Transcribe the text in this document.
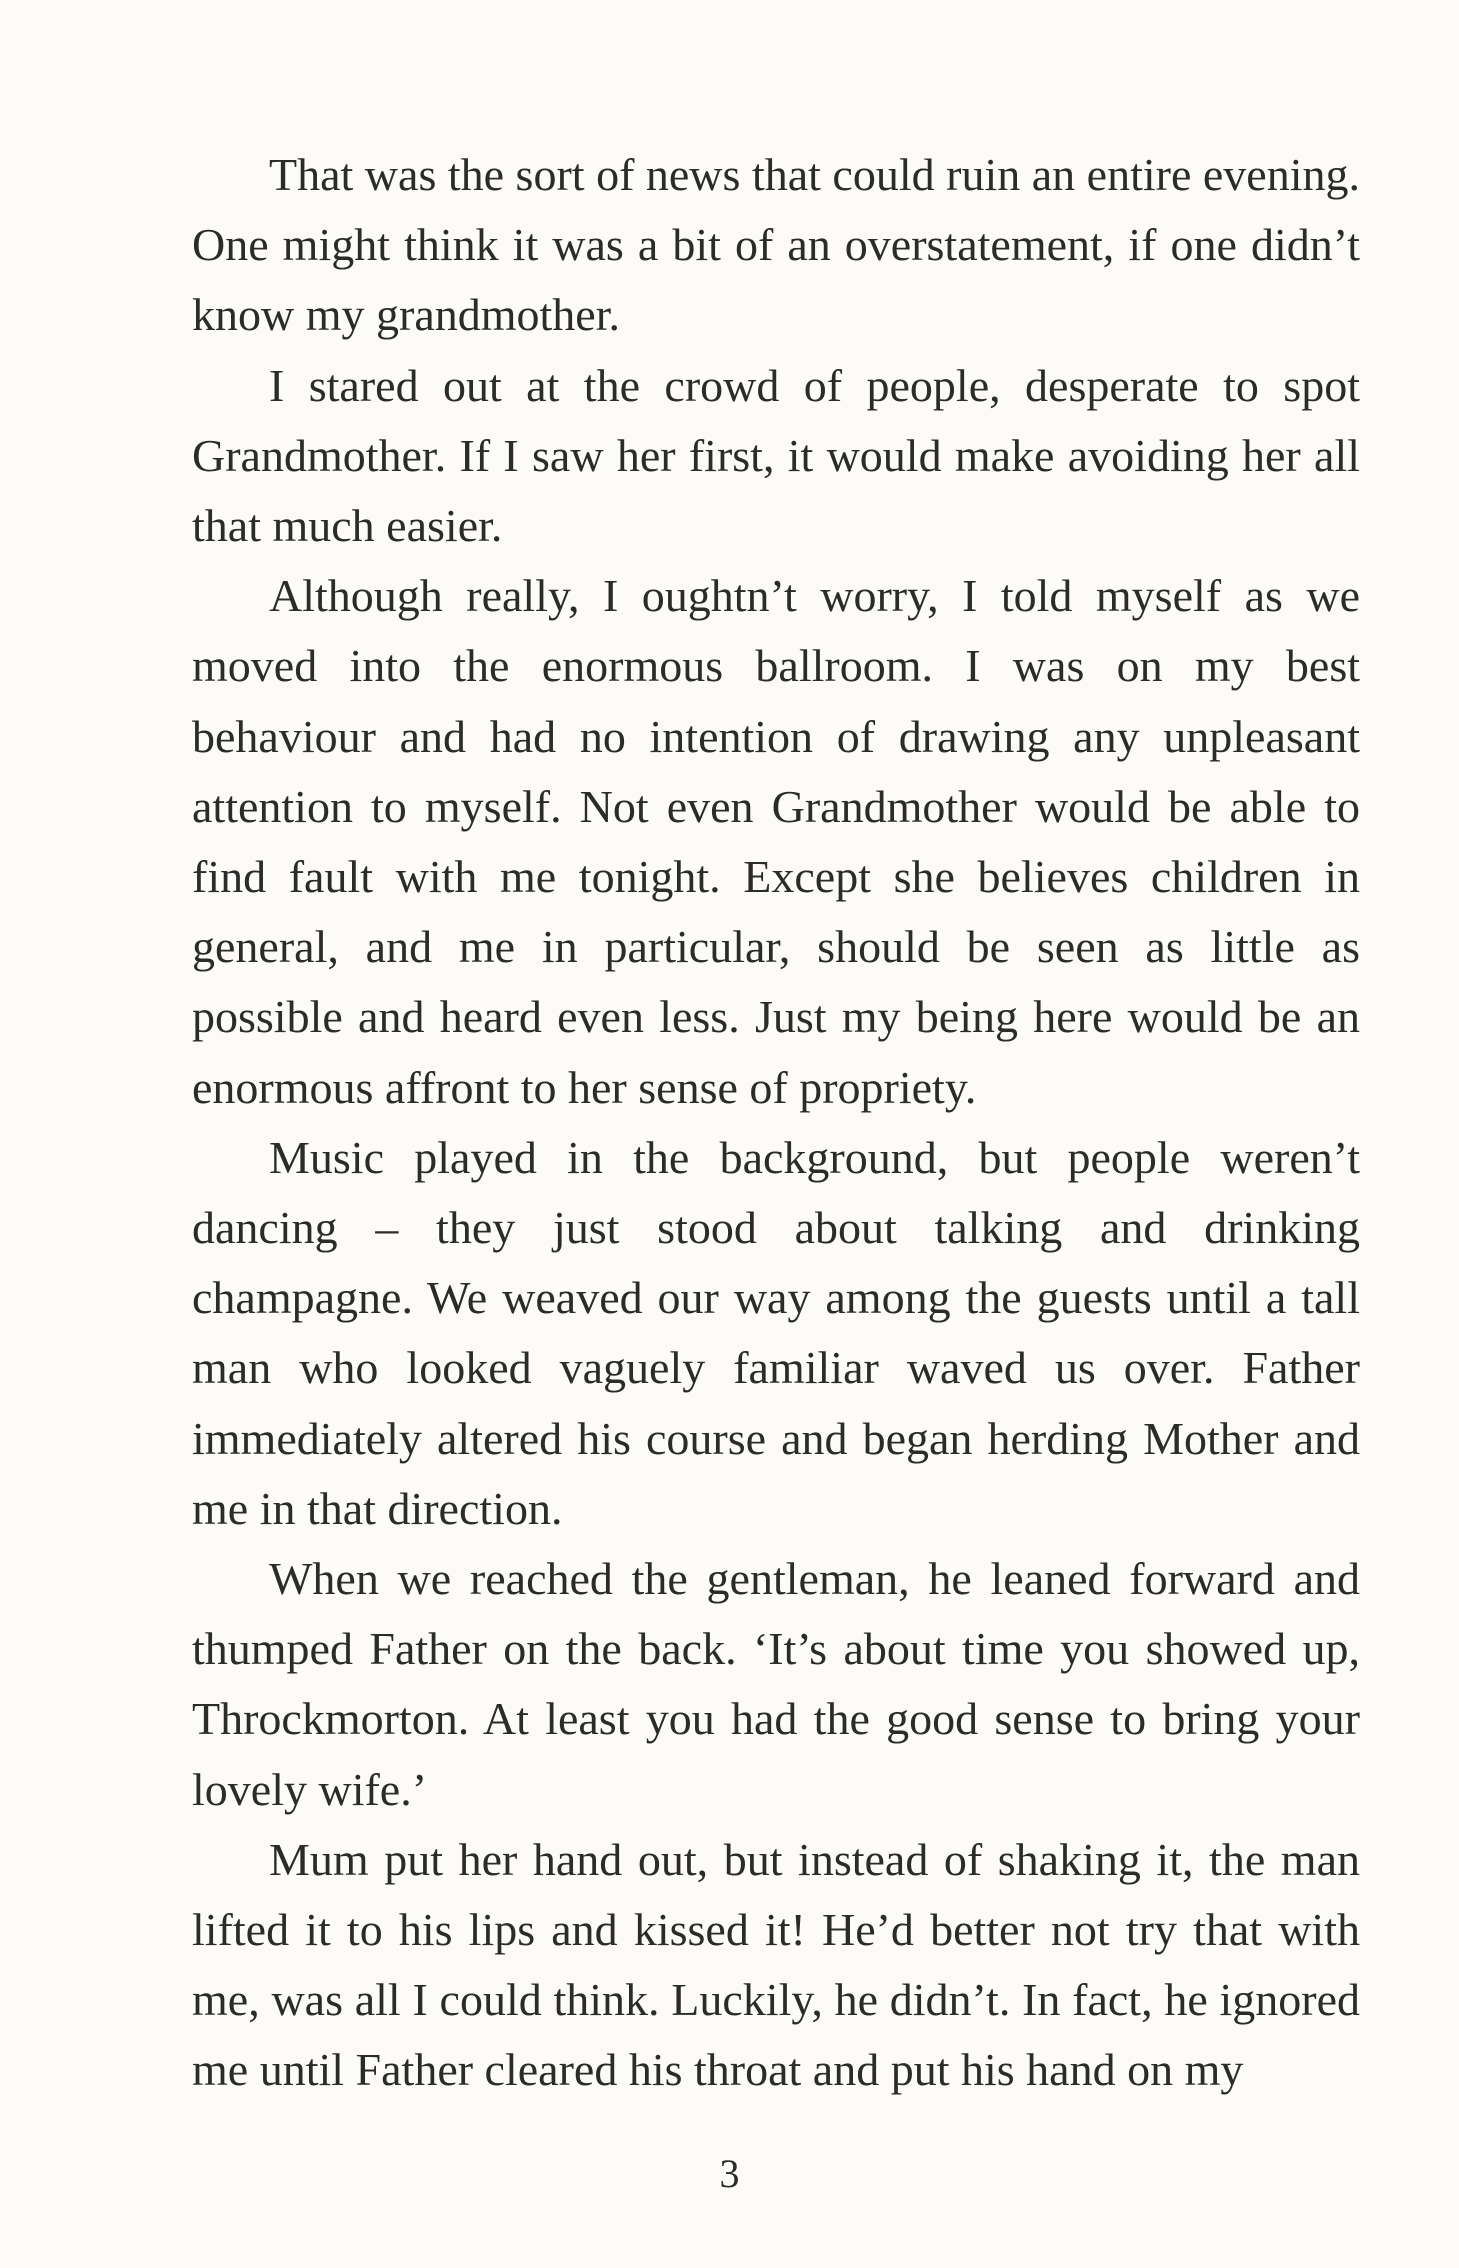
That was the sort of news that could ruin an entire evening. One might think it was a bit of an overstatement, if one didn’t know my grandmother.

I stared out at the crowd of people, desperate to spot Grandmother. If I saw her first, it would make avoiding her all that much easier.

Although really, I oughtn’t worry, I told myself as we moved into the enormous ballroom. I was on my best behaviour and had no intention of drawing any unpleasant attention to myself. Not even Grandmother would be able to find fault with me tonight. Except she believes children in general, and me in particular, should be seen as little as possible and heard even less. Just my being here would be an enormous affront to her sense of propriety.

Music played in the background, but people weren’t dancing – they just stood about talking and drinking champagne. We weaved our way among the guests until a tall man who looked vaguely familiar waved us over. Father immediately altered his course and began herding Mother and me in that direction.

When we reached the gentleman, he leaned forward and thumped Father on the back. ‘It’s about time you showed up, Throckmorton. At least you had the good sense to bring your lovely wife.’

Mum put her hand out, but instead of shaking it, the man lifted it to his lips and kissed it! He’d better not try that with me, was all I could think. Luckily, he didn’t. In fact, he ignored me until Father cleared his throat and put his hand on my

3
